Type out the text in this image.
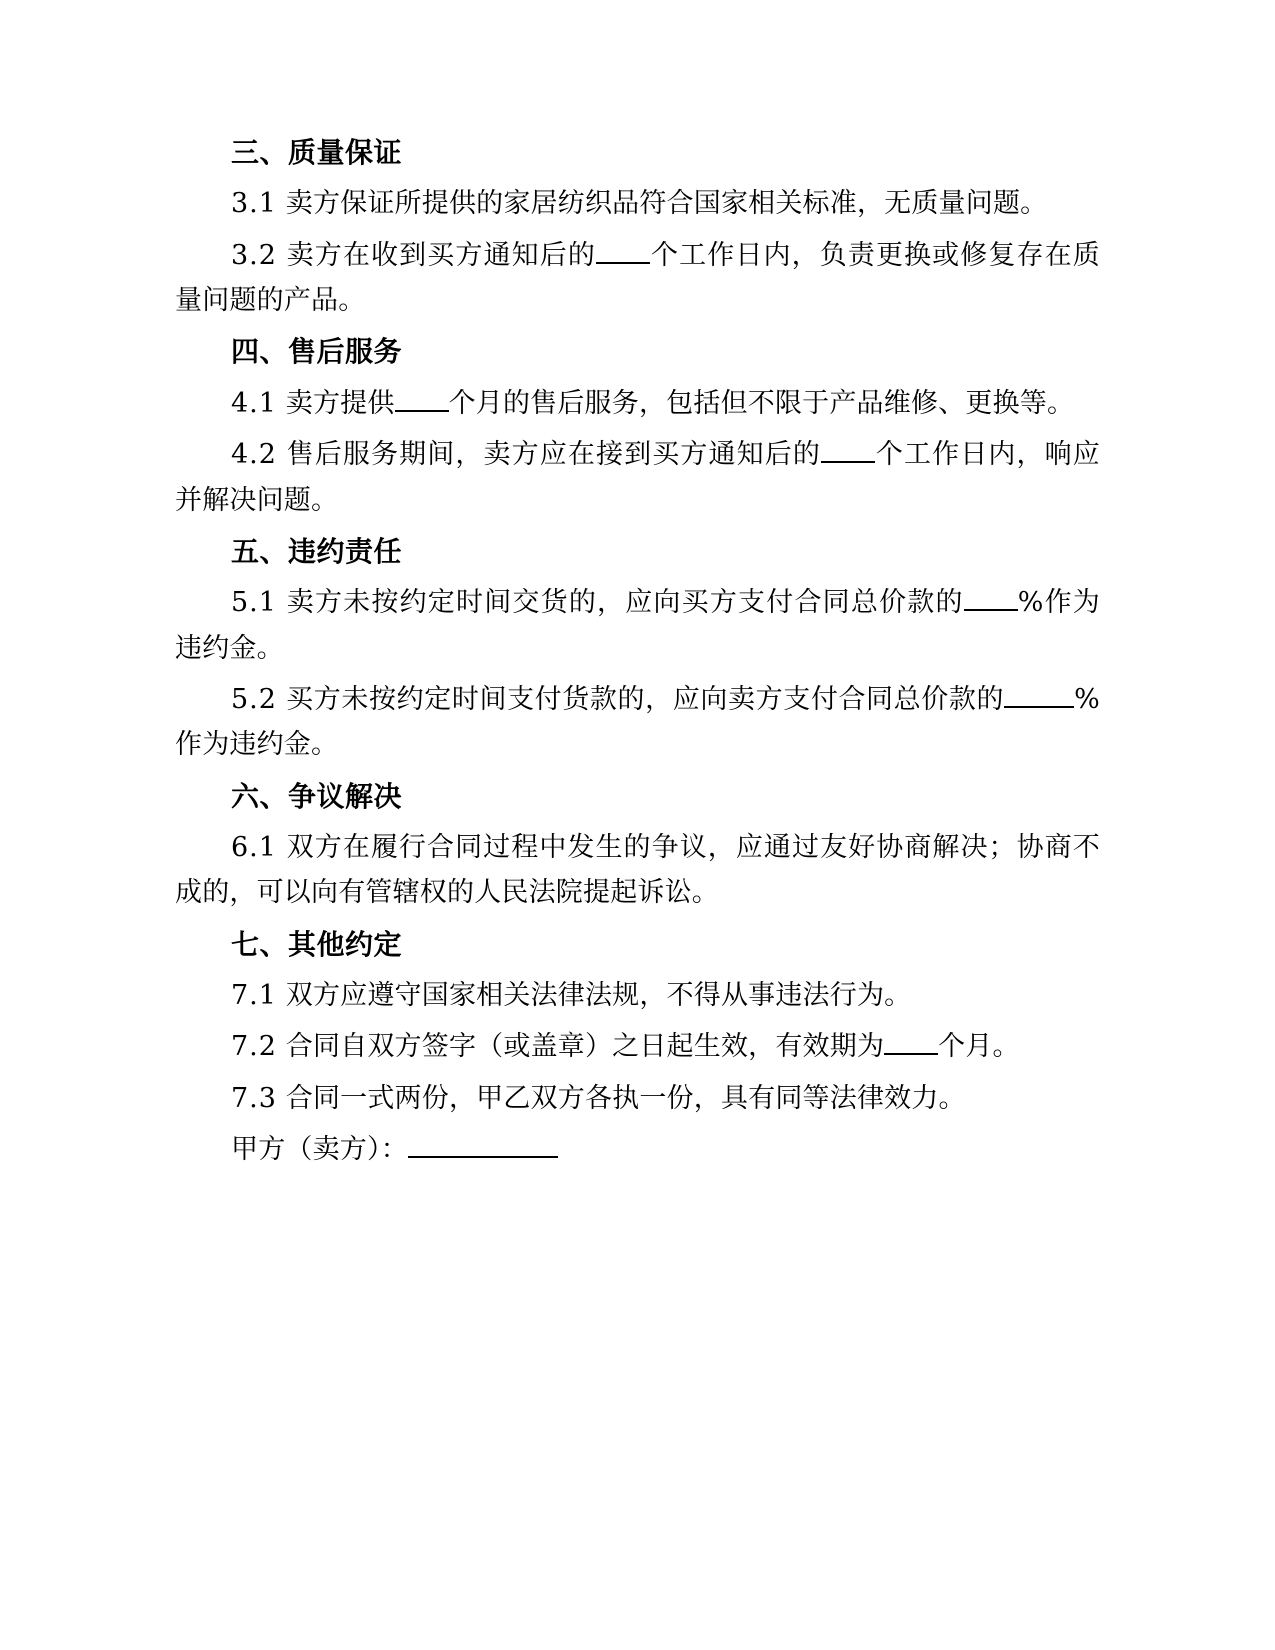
三、质量保证

3.1 卖方保证所提供的家居纺织品符合国家相关标准，无质量问题。

3.2 卖方在收到买方通知后的 个工作日内，负责更换或修复存在质量问题的产品。

四、售后服务

4.1 卖方提供 个月的售后服务，包括但不限于产品维修、更换等。

4.2 售后服务期间，卖方应在接到买方通知后的 个工作日内，响应并解决问题。

五、违约责任

5.1 卖方未按约定时间交货的，应向买方支付合同总价款的 %作为违约金。

5.2 买方未按约定时间支付货款的，应向卖方支付合同总价款的	%作为违约金。

六、争议解决

6.1 双方在履行合同过程中发生的争议，应通过友好协商解决；协商不成的，可以向有管辖权的人民法院提起诉讼。

七、其他约定

7.1 双方应遵守国家相关法律法规，不得从事违法行为。

7.2 合同自双方签字（或盖章）之日起生效，有效期为 个月。

7.3 合同一式两份，甲乙双方各执一份，具有同等法律效力。

甲方（卖方）：
